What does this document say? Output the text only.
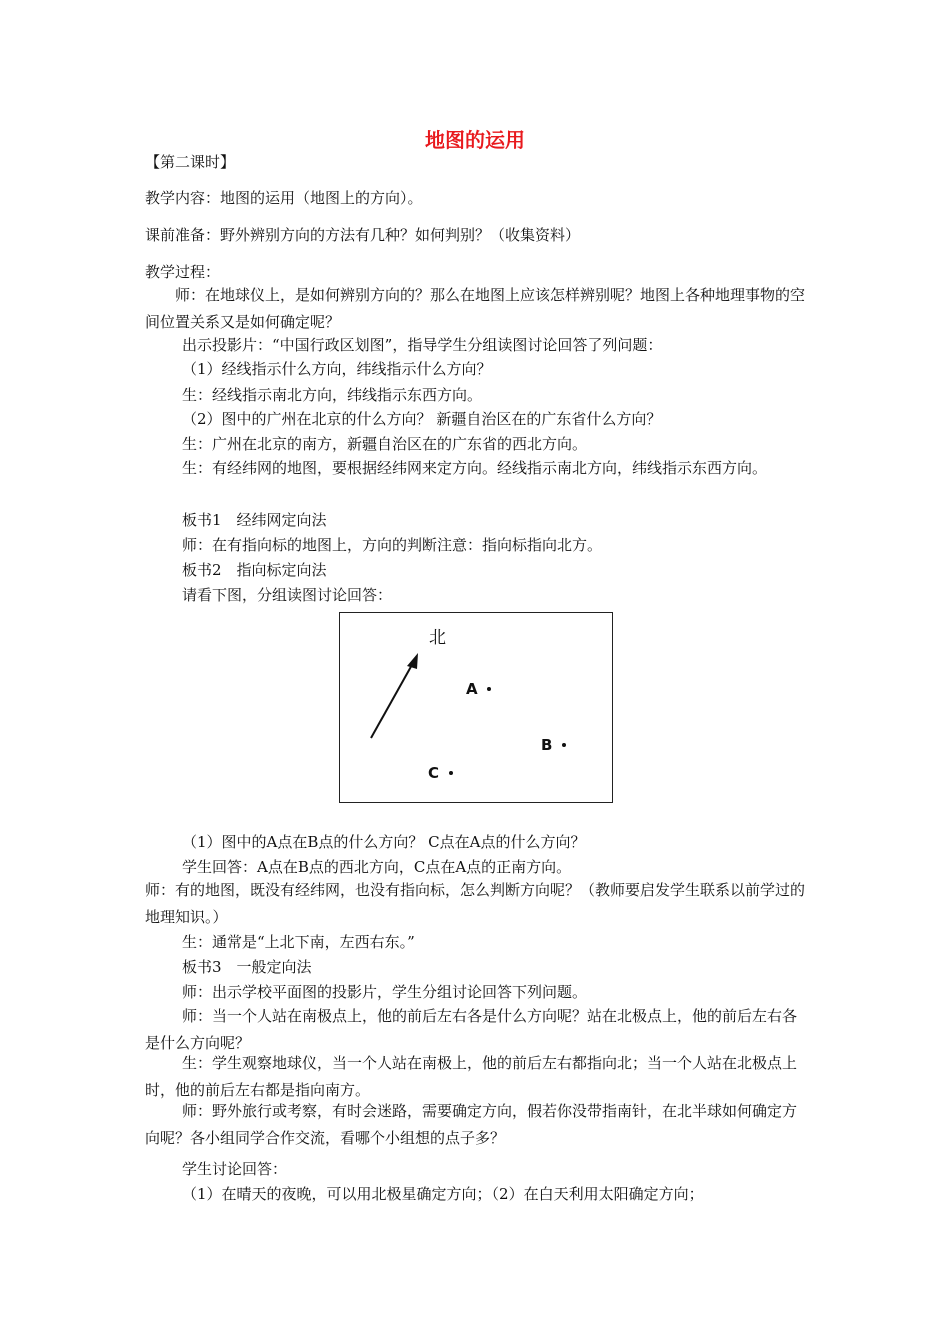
地图的运用

【第二课时】

教学内容：地图的运用（地图上的方向）。

课前准备：野外辨别方向的方法有几种？如何判别？（收集资料）

教学过程：

师：在地球仪上，是如何辨别方向的？那么在地图上应该怎样辨别呢？地图上各种地理事物的空间位置关系又是如何确定呢？

出示投影片：“中国行政区划图”，指导学生分组读图讨论回答了列问题：

（1）经线指示什么方向，纬线指示什么方向？

生：经线指示南北方向，纬线指示东西方向。

（2）图中的广州在北京的什么方向？ 新疆自治区在的广东省什么方向？

生：广州在北京的南方，新疆自治区在的广东省的西北方向。

生：有经纬网的地图，要根据经纬网来定方向。经线指示南北方向，纬线指示东西方向。

板书1　经纬网定向法

师：在有指向标的地图上，方向的判断注意：指向标指向北方。

板书2　指向标定向法

请看下图，分组读图讨论回答：

北
A
B
C

（1）图中的A点在B点的什么方向？ C点在A点的什么方向？

学生回答：A点在B点的西北方向，C点在A点的正南方向。

师：有的地图，既没有经纬网，也没有指向标，怎么判断方向呢？（教师要启发学生联系以前学过的地理知识。）

生：通常是“上北下南，左西右东。”

板书3　一般定向法

师：出示学校平面图的投影片，学生分组讨论回答下列问题。

师：当一个人站在南极点上，他的前后左右各是什么方向呢？站在北极点上，他的前后左右各是什么方向呢？

生：学生观察地球仪，当一个人站在南极上，他的前后左右都指向北；当一个人站在北极点上时，他的前后左右都是指向南方。

师：野外旅行或考察，有时会迷路，需要确定方向，假若你没带指南针，在北半球如何确定方向呢？各小组同学合作交流，看哪个小组想的点子多？

学生讨论回答：

（1）在晴天的夜晚，可以用北极星确定方向；（2）在白天利用太阳确定方向；
